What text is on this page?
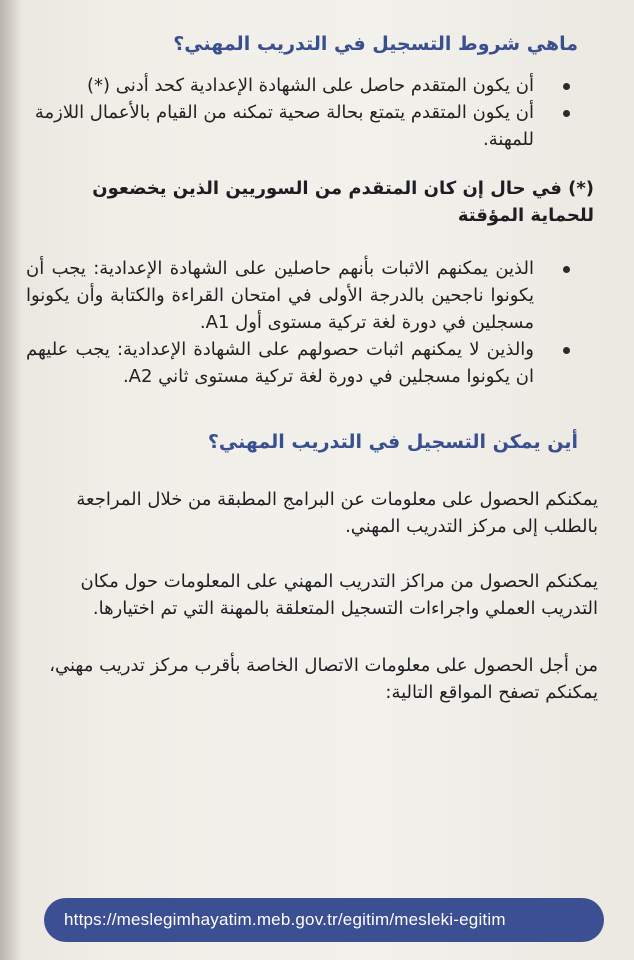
ماهي شروط التسجيل في التدريب المهني؟
أن يكون المتقدم حاصل على الشهادة الإعدادية كحد أدنى (*)
أن يكون المتقدم يتمتع بحالة صحية تمكنه من القيام بالأعمال اللازمة للمهنة.
(*) في حال إن كان المتقدم من السوريين الذين يخضعون للحماية المؤقتة
الذين يمكنهم الاثبات بأنهم حاصلين على الشهادة الإعدادية: يجب أن يكونوا ناجحين بالدرجة الأولى في امتحان القراءة والكتابة وأن يكونوا مسجلين في دورة لغة تركية مستوى أول A1.
والذين لا يمكنهم اثبات حصولهم على الشهادة الإعدادية: يجب عليهم ان يكونوا مسجلين في دورة لغة تركية مستوى ثاني A2.
أين يمكن التسجيل في التدريب المهني؟

يمكنكم الحصول على معلومات عن البرامج المطبقة من خلال المراجعة بالطلب إلى مركز التدريب المهني.

يمكنكم الحصول من مراكز التدريب المهني على المعلومات حول مكان التدريب العملي واجراءات التسجيل المتعلقة بالمهنة التي تم اختيارها.

من أجل الحصول على معلومات الاتصال الخاصة بأقرب مركز تدريب مهني، يمكنكم تصفح المواقع التالية:

https://meslegimhayatim.meb.gov.tr/egitim/mesleki-egitim
